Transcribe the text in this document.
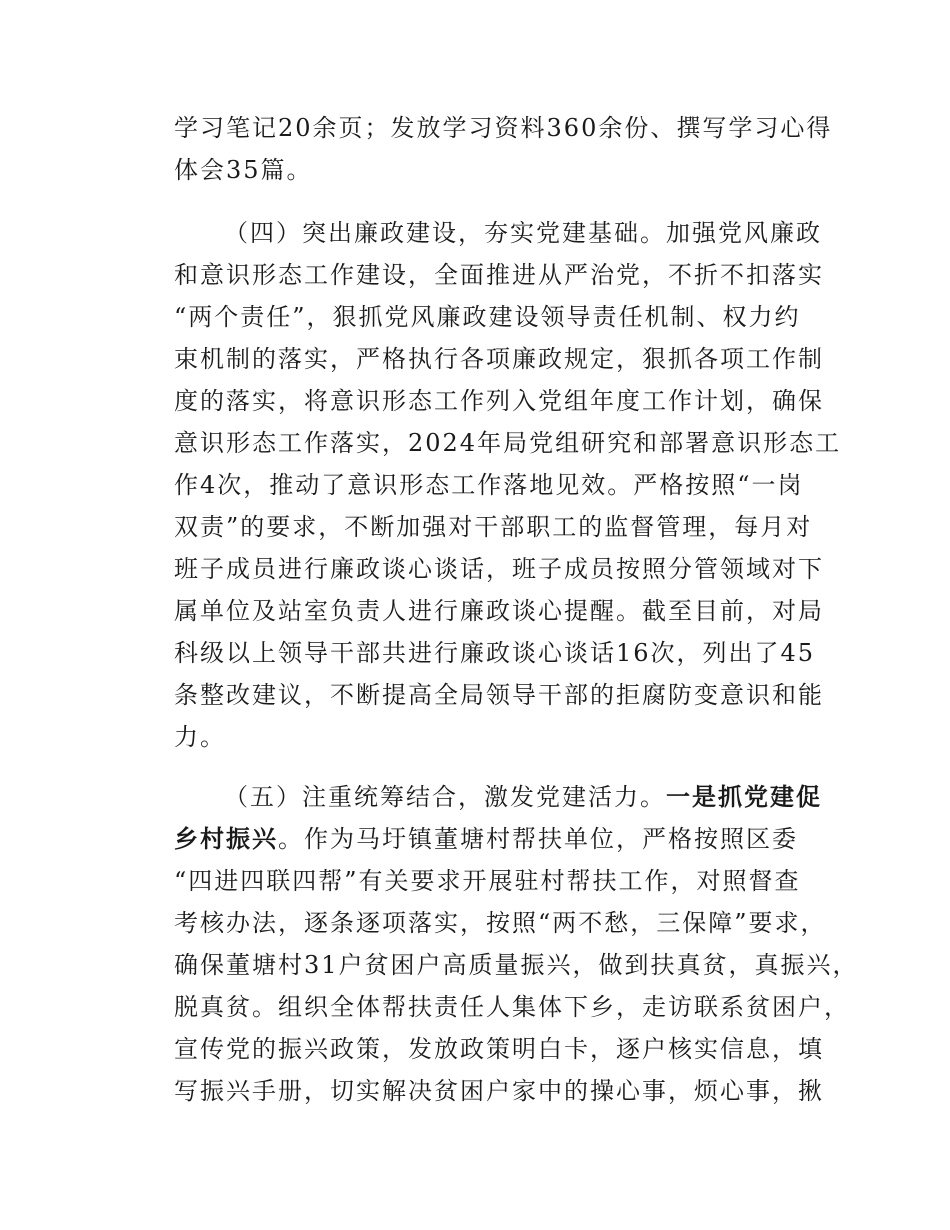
学习笔记20余页；发放学习资料360余份、撰写学习心得
体会35篇。
（四）突出廉政建设，夯实党建基础。加强党风廉政
和意识形态工作建设，全面推进从严治党，不折不扣落实
“两个责任”，狠抓党风廉政建设领导责任机制、权力约
束机制的落实，严格执行各项廉政规定，狠抓各项工作制
度的落实，将意识形态工作列入党组年度工作计划，确保
意识形态工作落实，2024年局党组研究和部署意识形态工
作4次，推动了意识形态工作落地见效。严格按照“一岗
双责”的要求，不断加强对干部职工的监督管理，每月对
班子成员进行廉政谈心谈话，班子成员按照分管领域对下
属单位及站室负责人进行廉政谈心提醒。截至目前，对局
科级以上领导干部共进行廉政谈心谈话16次，列出了45
条整改建议，不断提高全局领导干部的拒腐防变意识和能
力。
（五）注重统筹结合，激发党建活力。一是抓党建促
乡村振兴。作为马圩镇董塘村帮扶单位，严格按照区委
“四进四联四帮”有关要求开展驻村帮扶工作，对照督查
考核办法，逐条逐项落实，按照“两不愁，三保障”要求，
确保董塘村31户贫困户高质量振兴，做到扶真贫，真振兴，
脱真贫。组织全体帮扶责任人集体下乡，走访联系贫困户，
宣传党的振兴政策，发放政策明白卡，逐户核实信息，填
写振兴手册，切实解决贫困户家中的操心事，烦心事，揪
